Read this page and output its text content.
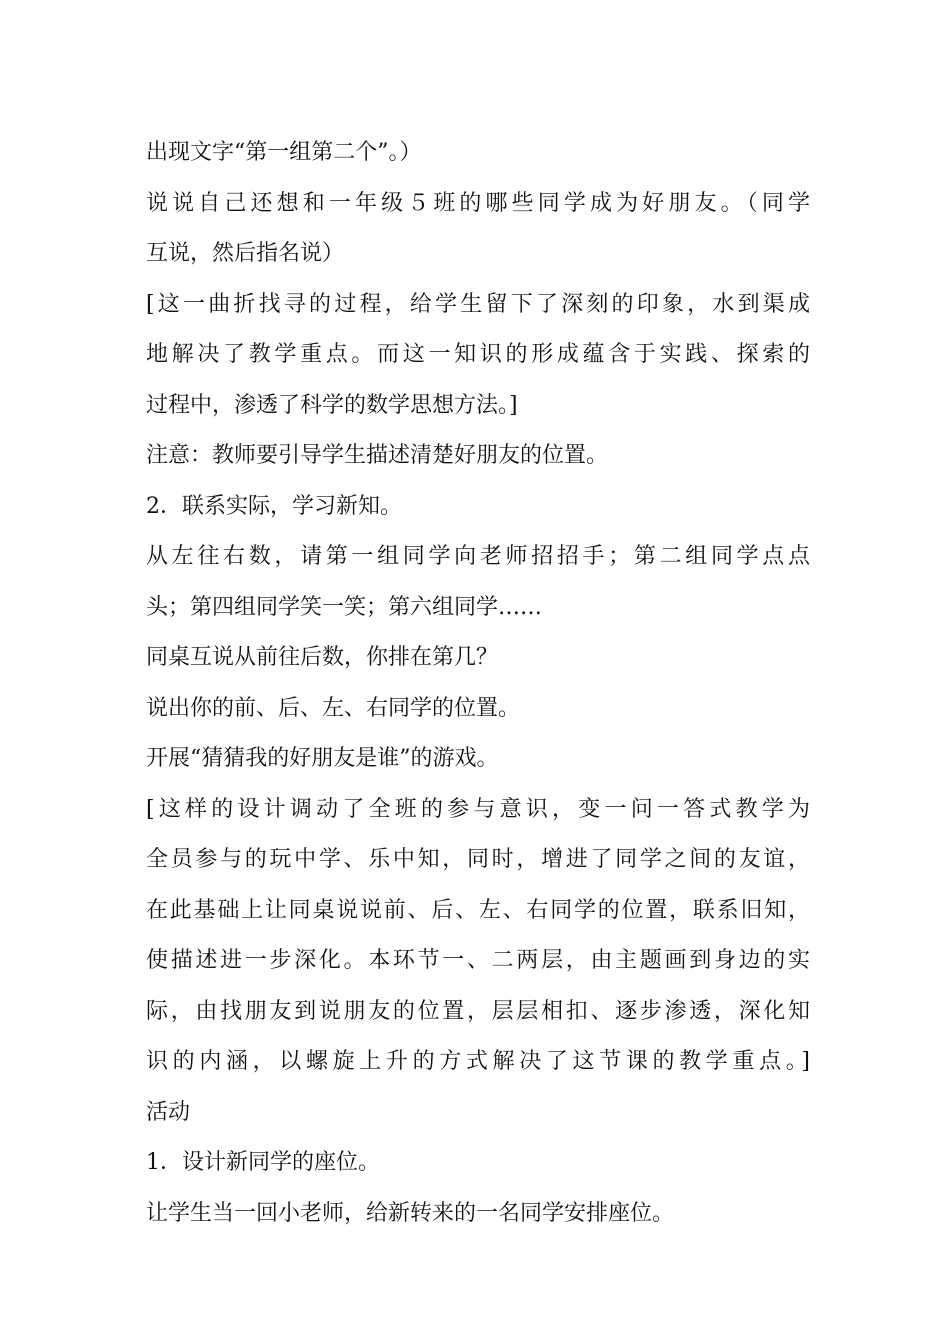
出现文字“第一组第二个”。）
说说自己还想和一年级５班的哪些同学成为好朋友。（同学
互说，然后指名说）
[这一曲折找寻的过程，给学生留下了深刻的印象，水到渠成
地解决了教学重点。而这一知识的形成蕴含于实践、探索的
过程中，渗透了科学的数学思想方法。]
注意：教师要引导学生描述清楚好朋友的位置。
2．联系实际，学习新知。
从左往右数，请第一组同学向老师招招手；第二组同学点点
头；第四组同学笑一笑；第六组同学……
同桌互说从前往后数，你排在第几？
说出你的前、后、左、右同学的位置。
开展“猜猜我的好朋友是谁”的游戏。
[这样的设计调动了全班的参与意识，变一问一答式教学为
全员参与的玩中学、乐中知，同时，增进了同学之间的友谊，
在此基础上让同桌说说前、后、左、右同学的位置，联系旧知，
使描述进一步深化。本环节一、二两层，由主题画到身边的实
际，由找朋友到说朋友的位置，层层相扣、逐步渗透，深化知
识的内涵，以螺旋上升的方式解决了这节课的教学重点。]
活动
1．设计新同学的座位。
让学生当一回小老师，给新转来的一名同学安排座位。
